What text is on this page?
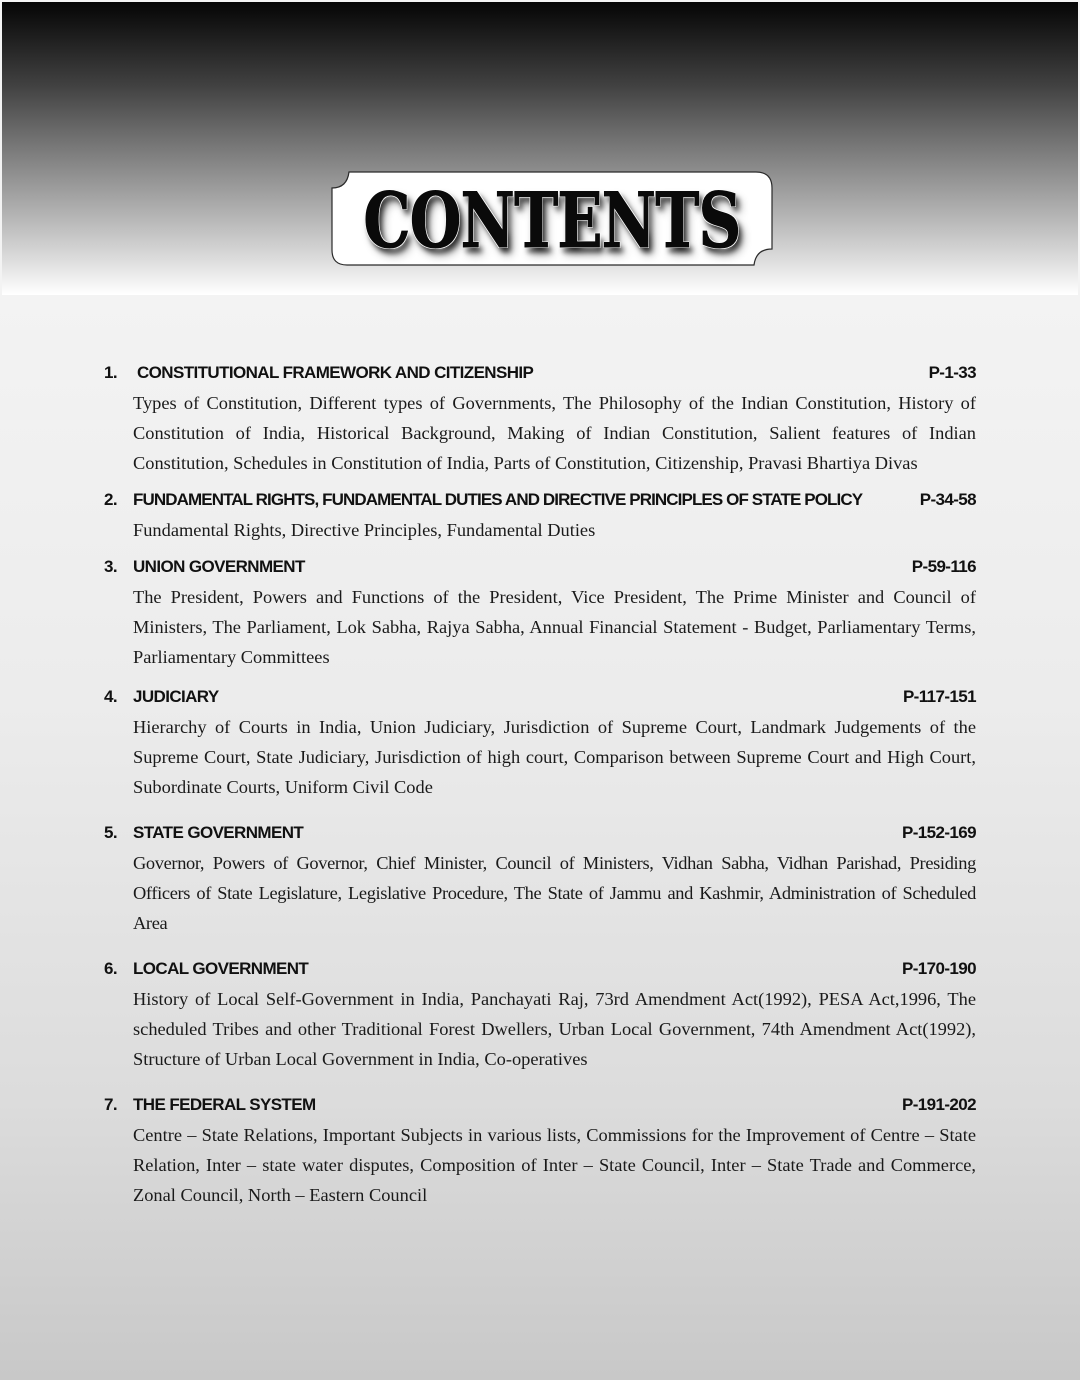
CONTENTS
1.	CONSTITUTIONAL FRAMEWORK AND CITIZENSHIP	P-1-33
Types of Constitution, Different types of Governments, The Philosophy of the Indian Constitution, History of Constitution of India, Historical Background, Making of Indian Constitution, Salient features of Indian Constitution, Schedules in Constitution of India, Parts of Constitution, Citizenship, Pravasi Bhartiya Divas
2. FUNDAMENTAL RIGHTS, FUNDAMENTAL DUTIES AND DIRECTIVE PRINCIPLES OF STATE POLICY	P-34-58
Fundamental Rights, Directive Principles, Fundamental Duties
3. UNION GOVERNMENT	P-59-116
The President, Powers and Functions of the President, Vice President, The Prime Minister and Council of Ministers, The Parliament, Lok Sabha, Rajya Sabha, Annual Financial Statement - Budget, Parliamentary Terms, Parliamentary Committees
4. JUDICIARY	P-117-151
Hierarchy of Courts in India, Union Judiciary, Jurisdiction of Supreme Court, Landmark Judgements of the Supreme Court, State Judiciary, Jurisdiction of high court, Comparison between Supreme Court and High Court, Subordinate Courts, Uniform Civil Code
5. STATE GOVERNMENT	P-152-169
Governor, Powers of Governor, Chief Minister, Council of Ministers, Vidhan Sabha, Vidhan Parishad, Presiding Officers of State Legislature, Legislative Procedure, The State of Jammu and Kashmir, Administration of Scheduled Area
6. LOCAL GOVERNMENT	P-170-190
History of Local Self-Government in India, Panchayati Raj, 73rd Amendment Act(1992), PESA Act,1996, The scheduled Tribes and other Traditional Forest Dwellers, Urban Local Government, 74th Amendment Act(1992), Structure of Urban Local Government in India, Co-operatives
7. THE FEDERAL SYSTEM	P-191-202
Centre – State Relations, Important Subjects in various lists, Commissions for the Improvement of Centre – State Relation, Inter – state water disputes, Composition of Inter – State Council, Inter – State Trade and Commerce, Zonal Council, North – Eastern Council
